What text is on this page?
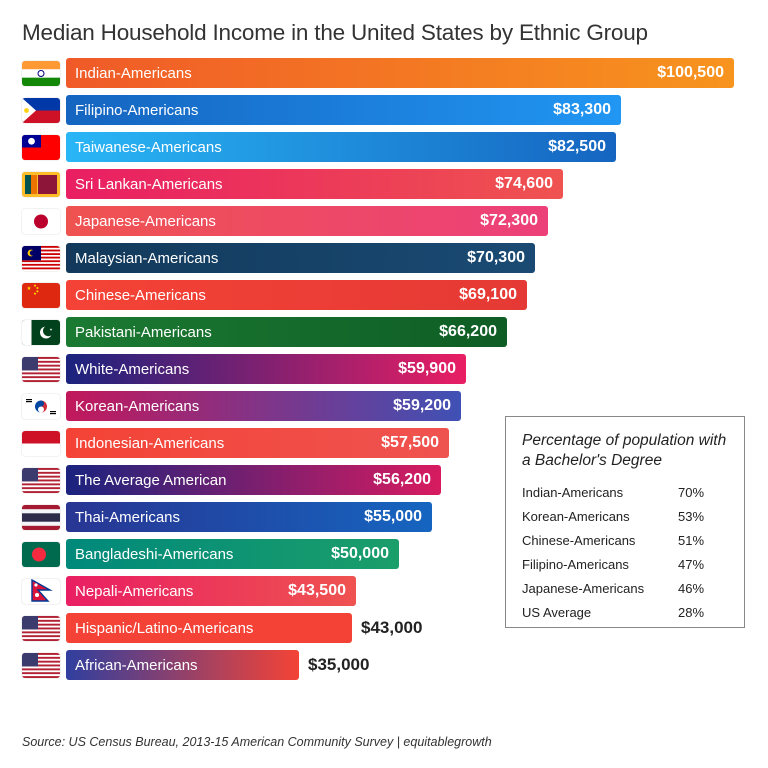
Median Household Income in the United States by Ethnic Group
Indian-Americans	$100,500
Filipino-Americans	$83,300
Taiwanese-Americans	$82,500
Sri Lankan-Americans	$74,600
Japanese-Americans	$72,300
Malaysian-Americans	$70,300
Chinese-Americans	$69,100
Pakistani-Americans	$66,200
White-Americans	$59,900
Korean-Americans	$59,200
Indonesian-Americans	$57,500
The Average American	$56,200
Thai-Americans	$55,000
Bangladeshi-Americans	$50,000
Nepali-Americans	$43,500
Hispanic/Latino-Americans	$43,000
African-Americans	$35,000
Percentage of population with a Bachelor's Degree
Indian-Americans	70%
Korean-Americans	53%
Chinese-Americans	51%
Filipino-Americans	47%
Japanese-Americans	46%
US Average	28%
Source: US Census Bureau, 2013-15 American Community Survey | equitablegrowth
